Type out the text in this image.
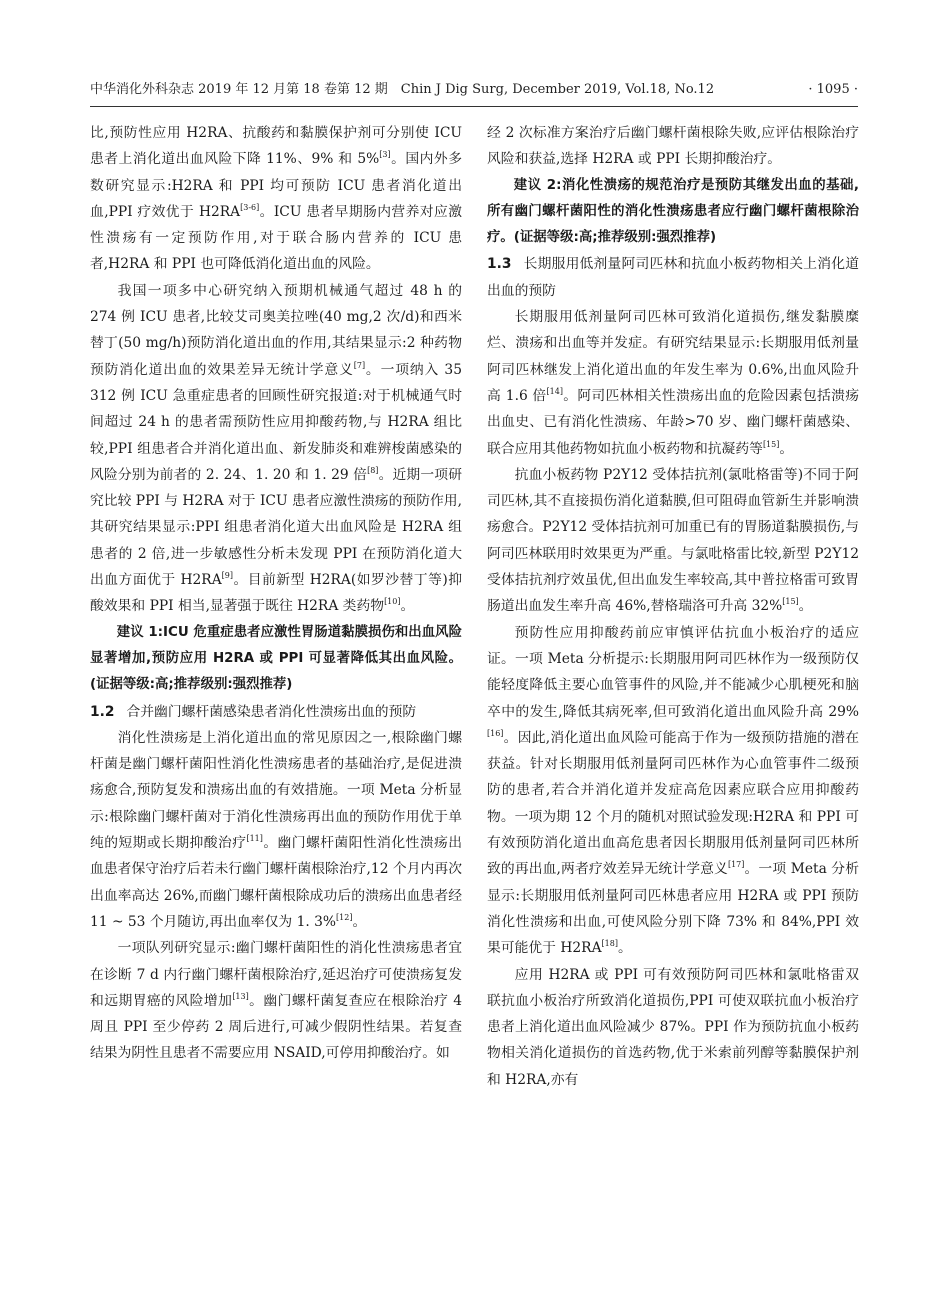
中华消化外科杂志 2019 年 12 月第 18 卷第 12 期　Chin J Dig Surg, December 2019, Vol.18, No.12	· 1095 ·

比,预防性应用 H2RA、抗酸药和黏膜保护剂可分别使 ICU 患者上消化道出血风险下降 11%、9% 和 5%[3]。国内外多数研究显示:H2RA 和 PPI 均可预防 ICU 患者消化道出血,PPI 疗效优于 H2RA[3-6]。ICU 患者早期肠内营养对应激性溃疡有一定预防作用,对于联合肠内营养的 ICU 患者,H2RA 和 PPI 也可降低消化道出血的风险。

我国一项多中心研究纳入预期机械通气超过 48 h 的 274 例 ICU 患者,比较艾司奥美拉唑(40 mg,2 次/d)和西米替丁(50 mg/h)预防消化道出血的作用,其结果显示:2 种药物预防消化道出血的效果差异无统计学意义[7]。一项纳入 35 312 例 ICU 急重症患者的回顾性研究报道:对于机械通气时间超过 24 h 的患者需预防性应用抑酸药物,与 H2RA 组比较,PPI 组患者合并消化道出血、新发肺炎和难辨梭菌感染的风险分别为前者的 2. 24、1. 20 和 1. 29 倍[8]。近期一项研究比较 PPI 与 H2RA 对于 ICU 患者应激性溃疡的预防作用,其研究结果显示:PPI 组患者消化道大出血风险是 H2RA 组患者的 2 倍,进一步敏感性分析未发现 PPI 在预防消化道大出血方面优于 H2RA[9]。目前新型 H2RA(如罗沙替丁等)抑酸效果和 PPI 相当,显著强于既往 H2RA 类药物[10]。

建议 1:ICU 危重症患者应激性胃肠道黏膜损伤和出血风险显著增加,预防应用 H2RA 或 PPI 可显著降低其出血风险。(证据等级:高;推荐级别:强烈推荐)

1.2 合并幽门螺杆菌感染患者消化性溃疡出血的预防

消化性溃疡是上消化道出血的常见原因之一,根除幽门螺杆菌是幽门螺杆菌阳性消化性溃疡患者的基础治疗,是促进溃疡愈合,预防复发和溃疡出血的有效措施。一项 Meta 分析显示:根除幽门螺杆菌对于消化性溃疡再出血的预防作用优于单纯的短期或长期抑酸治疗[11]。幽门螺杆菌阳性消化性溃疡出血患者保守治疗后若未行幽门螺杆菌根除治疗,12 个月内再次出血率高达 26%,而幽门螺杆菌根除成功后的溃疡出血患者经 11 ~ 53 个月随访,再出血率仅为 1. 3%[12]。

一项队列研究显示:幽门螺杆菌阳性的消化性溃疡患者宜在诊断 7 d 内行幽门螺杆菌根除治疗,延迟治疗可使溃疡复发和远期胃癌的风险增加[13]。幽门螺杆菌复查应在根除治疗 4 周且 PPI 至少停药 2 周后进行,可减少假阴性结果。若复查结果为阴性且患者不需要应用 NSAID,可停用抑酸治疗。如

经 2 次标准方案治疗后幽门螺杆菌根除失败,应评估根除治疗风险和获益,选择 H2RA 或 PPI 长期抑酸治疗。

建议 2:消化性溃疡的规范治疗是预防其继发出血的基础,所有幽门螺杆菌阳性的消化性溃疡患者应行幽门螺杆菌根除治疗。(证据等级:高;推荐级别:强烈推荐)

1.3 长期服用低剂量阿司匹林和抗血小板药物相关上消化道出血的预防

长期服用低剂量阿司匹林可致消化道损伤,继发黏膜糜烂、溃疡和出血等并发症。有研究结果显示:长期服用低剂量阿司匹林继发上消化道出血的年发生率为 0.6%,出血风险升高 1.6 倍[14]。阿司匹林相关性溃疡出血的危险因素包括溃疡出血史、已有消化性溃疡、年龄>70 岁、幽门螺杆菌感染、联合应用其他药物如抗血小板药物和抗凝药等[15]。

抗血小板药物 P2Y12 受体拮抗剂(氯吡格雷等)不同于阿司匹林,其不直接损伤消化道黏膜,但可阻碍血管新生并影响溃疡愈合。P2Y12 受体拮抗剂可加重已有的胃肠道黏膜损伤,与阿司匹林联用时效果更为严重。与氯吡格雷比较,新型 P2Y12 受体拮抗剂疗效虽优,但出血发生率较高,其中普拉格雷可致胃肠道出血发生率升高 46%,替格瑞洛可升高 32%[15]。

预防性应用抑酸药前应审慎评估抗血小板治疗的适应证。一项 Meta 分析提示:长期服用阿司匹林作为一级预防仅能轻度降低主要心血管事件的风险,并不能减少心肌梗死和脑卒中的发生,降低其病死率,但可致消化道出血风险升高 29%[16]。因此,消化道出血风险可能高于作为一级预防措施的潜在获益。针对长期服用低剂量阿司匹林作为心血管事件二级预防的患者,若合并消化道并发症高危因素应联合应用抑酸药物。一项为期 12 个月的随机对照试验发现:H2RA 和 PPI 可有效预防消化道出血高危患者因长期服用低剂量阿司匹林所致的再出血,两者疗效差异无统计学意义[17]。一项 Meta 分析显示:长期服用低剂量阿司匹林患者应用 H2RA 或 PPI 预防消化性溃疡和出血,可使风险分别下降 73% 和 84%,PPI 效果可能优于 H2RA[18]。

应用 H2RA 或 PPI 可有效预防阿司匹林和氯吡格雷双联抗血小板治疗所致消化道损伤,PPI 可使双联抗血小板治疗患者上消化道出血风险减少 87%。PPI 作为预防抗血小板药物相关消化道损伤的首选药物,优于米索前列醇等黏膜保护剂和 H2RA,亦有
